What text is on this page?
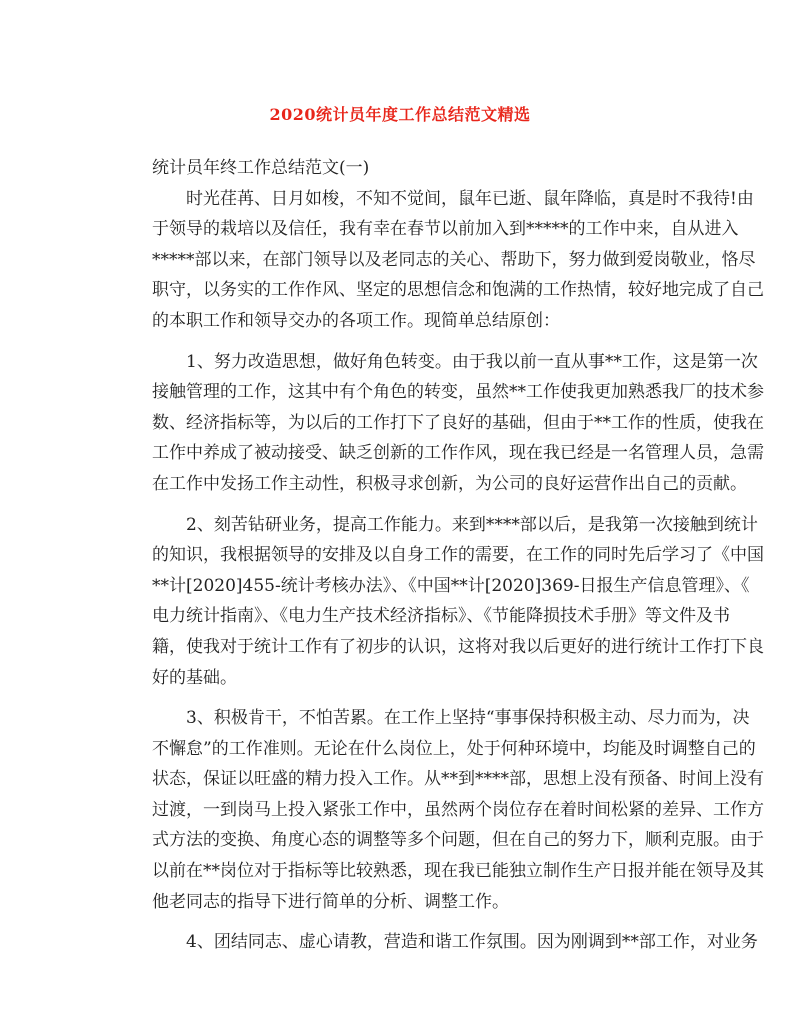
2020统计员年度工作总结范文精选
统计员年终工作总结范文(一)
时光荏苒、日月如梭，不知不觉间，鼠年已逝、鼠年降临，真是时不我待!由
于领导的栽培以及信任，我有幸在春节以前加入到*****的工作中来，自从进入
*****部以来，在部门领导以及老同志的关心、帮助下，努力做到爱岗敬业，恪尽
职守，以务实的工作作风、坚定的思想信念和饱满的工作热情，较好地完成了自己
的本职工作和领导交办的各项工作。现简单总结原创：
1、努力改造思想，做好角色转变。由于我以前一直从事**工作，这是第一次
接触管理的工作，这其中有个角色的转变，虽然**工作使我更加熟悉我厂的技术参
数、经济指标等，为以后的工作打下了良好的基础，但由于**工作的性质，使我在
工作中养成了被动接受、缺乏创新的工作作风，现在我已经是一名管理人员，急需
在工作中发扬工作主动性，积极寻求创新，为公司的良好运营作出自己的贡献。
2、刻苦钻研业务，提高工作能力。来到****部以后，是我第一次接触到统计
的知识，我根据领导的安排及以自身工作的需要，在工作的同时先后学习了《中国
**计[2020]455-统计考核办法》、《中国**计[2020]369-日报生产信息管理》、《
电力统计指南》、《电力生产技术经济指标》、《节能降损技术手册》等文件及书
籍，使我对于统计工作有了初步的认识，这将对我以后更好的进行统计工作打下良
好的基础。
3、积极肯干，不怕苦累。在工作上坚持“事事保持积极主动、尽力而为，决
不懈怠”的工作准则。无论在什么岗位上，处于何种环境中，均能及时调整自己的
状态，保证以旺盛的精力投入工作。从**到****部，思想上没有预备、时间上没有
过渡，一到岗马上投入紧张工作中，虽然两个岗位存在着时间松紧的差异、工作方
式方法的变换、角度心态的调整等多个问题，但在自己的努力下，顺利克服。由于
以前在**岗位对于指标等比较熟悉，现在我已能独立制作生产日报并能在领导及其
他老同志的指导下进行简单的分析、调整工作。
4、团结同志、虚心请教，营造和谐工作氛围。因为刚调到**部工作，对业务
